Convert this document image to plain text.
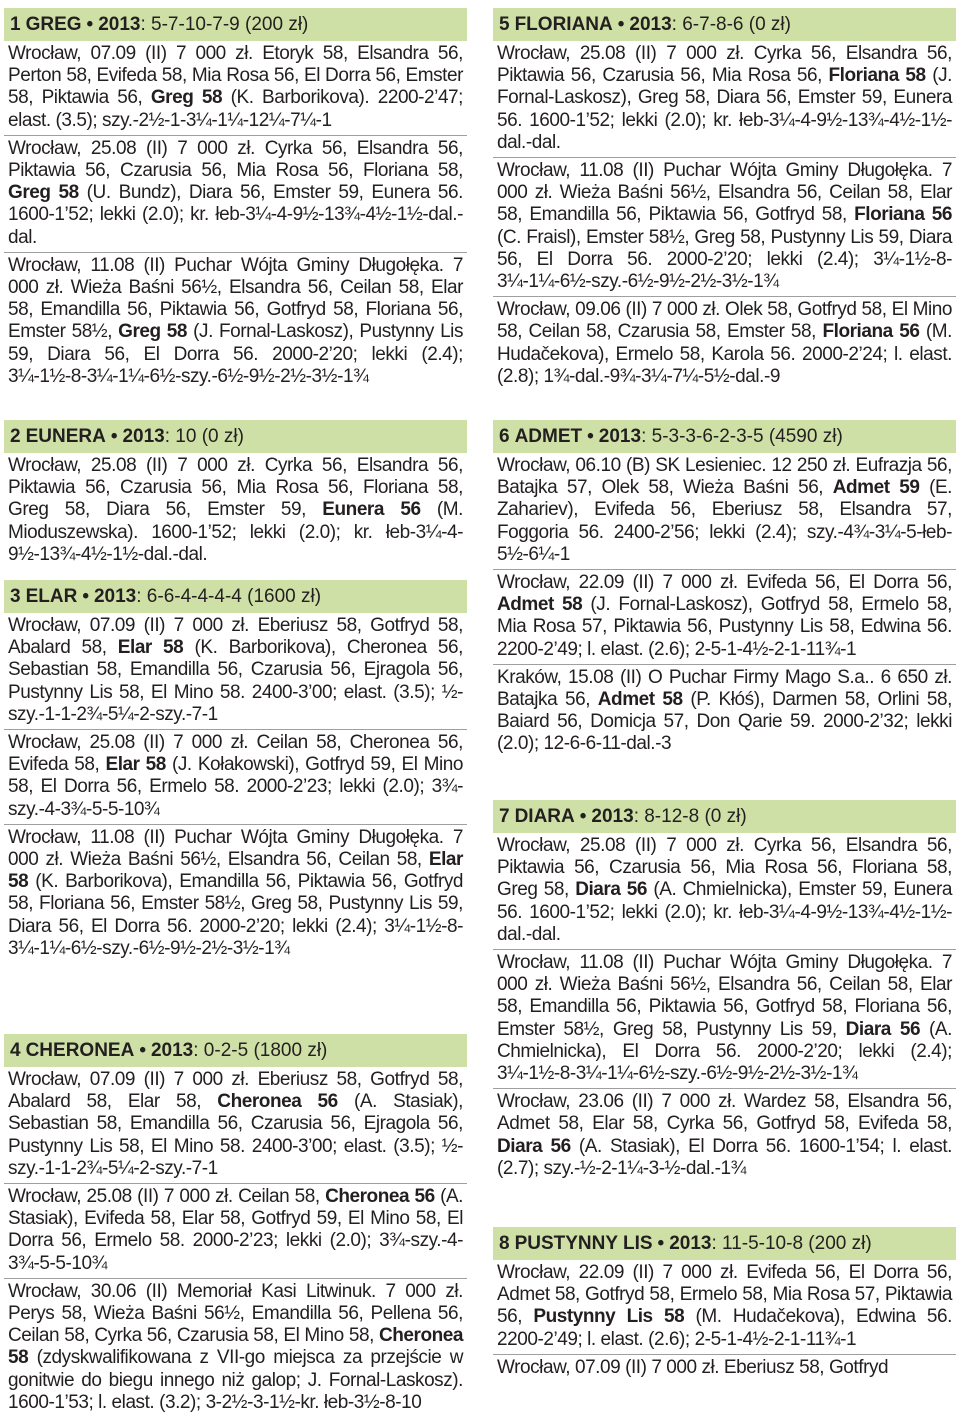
1 GREG • 2013 : 5-7-10-7-9 (200 zł)
Wrocław, 07.09 (II) 7 000 zł. Etoryk 58, Elsandra 56, Perton 58, Evifeda 58, Mia Rosa 56, El Dorra 56, Emster 58, Piktawia 56, Greg 58 (K. Barborikova). 2200-2’47; elast. (3.5); szy.-2½-1-3¼-1¼-12¼-7¼-1
Wrocław, 25.08 (II) 7 000 zł. Cyrka 56, Elsandra 56, Piktawia 56, Czarusia 56, Mia Rosa 56, Floriana 58, Greg 58 (U. Bundz), Diara 56, Emster 59, Eunera 56. 1600-1’52; lekki (2.0); kr. łeb-3¼-4-9½-13¾-4½-1½-dal.-dal.
Wrocław, 11.08 (II) Puchar Wójta Gminy Długołęka. 7 000 zł. Wieża Baśni 56½, Elsandra 56, Ceilan 58, Elar 58, Emandilla 56, Piktawia 56, Gotfryd 58, Floriana 56, Emster 58½, Greg 58 (J. Fornal-Laskosz), Pustynny Lis 59, Diara 56, El Dorra 56. 2000-2’20; lekki (2.4); 3¼-1½-8-3¼-1¼-6½-szy.-6½-9½-2½-3½-1¾
2 EUNERA • 2013 : 10 (0 zł)
Wrocław, 25.08 (II) 7 000 zł. Cyrka 56, Elsandra 56, Piktawia 56, Czarusia 56, Mia Rosa 56, Floriana 58, Greg 58, Diara 56, Emster 59, Eunera 56 (M. Mioduszewska). 1600-1’52; lekki (2.0); kr. łeb-3¼-4-9½-13¾-4½-1½-dal.-dal.
3 ELAR • 2013 : 6-6-4-4-4-4 (1600 zł)
Wrocław, 07.09 (II) 7 000 zł. Eberiusz 58, Gotfryd 58, Abalard 58, Elar 58 (K. Barborikova), Cheronea 56, Sebastian 58, Emandilla 56, Czarusia 56, Ejragola 56, Pustynny Lis 58, El Mino 58. 2400-3’00; elast. (3.5); ½-szy.-1-1-2¾-5¼-2-szy.-7-1
Wrocław, 25.08 (II) 7 000 zł. Ceilan 58, Cheronea 56, Evifeda 58, Elar 58 (J. Kołakowski), Gotfryd 59, El Mino 58, El Dorra 56, Ermelo 58. 2000-2’23; lekki (2.0); 3¾-szy.-4-3¾-5-5-10¾
Wrocław, 11.08 (II) Puchar Wójta Gminy Długołęka. 7 000 zł. Wieża Baśni 56½, Elsandra 56, Ceilan 58, Elar 58 (K. Barborikova), Emandilla 56, Piktawia 56, Gotfryd 58, Floriana 56, Emster 58½, Greg 58, Pustynny Lis 59, Diara 56, El Dorra 56. 2000-2’20; lekki (2.4); 3¼-1½-8-3¼-1¼-6½-szy.-6½-9½-2½-3½-1¾
4 CHERONEA • 2013 : 0-2-5 (1800 zł)
Wrocław, 07.09 (II) 7 000 zł. Eberiusz 58, Gotfryd 58, Abalard 58, Elar 58, Cheronea 56 (A. Stasiak), Sebastian 58, Emandilla 56, Czarusia 56, Ejragola 56, Pustynny Lis 58, El Mino 58. 2400-3’00; elast. (3.5); ½-szy.-1-1-2¾-5¼-2-szy.-7-1
Wrocław, 25.08 (II) 7 000 zł. Ceilan 58, Cheronea 56 (A. Stasiak), Evifeda 58, Elar 58, Gotfryd 59, El Mino 58, El Dorra 56, Ermelo 58. 2000-2’23; lekki (2.0); 3¾-szy.-4-3¾-5-5-10¾
Wrocław, 30.06 (II) Memoriał Kasi Litwinuk. 7 000 zł. Perys 58, Wieża Baśni 56½, Emandilla 56, Pellena 56, Ceilan 58, Cyrka 56, Czarusia 58, El Mino 58, Cheronea 58 (zdyskwalifikowana z VII-go miejsca za przejście w gonitwie do biegu innego niż galop; J. Fornal-Laskosz). 1600-1’53; l. elast. (3.2); 3-2½-3-1½-kr. łeb-3½-8-10
5 FLORIANA • 2013 : 6-7-8-6 (0 zł)
Wrocław, 25.08 (II) 7 000 zł. Cyrka 56, Elsandra 56, Piktawia 56, Czarusia 56, Mia Rosa 56, Floriana 58 (J. Fornal-Laskosz), Greg 58, Diara 56, Emster 59, Eunera 56. 1600-1’52; lekki (2.0); kr. łeb-3¼-4-9½-13¾-4½-1½-dal.-dal.
Wrocław, 11.08 (II) Puchar Wójta Gminy Długołęka. 7 000 zł. Wieża Baśni 56½, Elsandra 56, Ceilan 58, Elar 58, Emandilla 56, Piktawia 56, Gotfryd 58, Floriana 56 (C. Fraisl), Emster 58½, Greg 58, Pustynny Lis 59, Diara 56, El Dorra 56. 2000-2’20; lekki (2.4); 3¼-1½-8-3¼-1¼-6½-szy.-6½-9½-2½-3½-1¾
Wrocław, 09.06 (II) 7 000 zł. Olek 58, Gotfryd 58, El Mino 58, Ceilan 58, Czarusia 58, Emster 58, Floriana 56 (M. Hudačekova), Ermelo 58, Karola 56. 2000-2’24; l. elast. (2.8); 1¾-dal.-9¾-3¼-7¼-5½-dal.-9
6 ADMET • 2013 : 5-3-3-6-2-3-5 (4590 zł)
Wrocław, 06.10 (B) SK Lesieniec. 12 250 zł. Eufrazja 56, Batajka 57, Olek 58, Wieża Baśni 56, Admet 59 (E. Zahariev), Evifeda 56, Eberiusz 58, Elsandra 57, Foggoria 56. 2400-2’56; lekki (2.4); szy.-4¾-3¼-5-łeb-5½-6¼-1
Wrocław, 22.09 (II) 7 000 zł. Evifeda 56, El Dorra 56, Admet 58 (J. Fornal-Laskosz), Gotfryd 58, Ermelo 58, Mia Rosa 57, Piktawia 56, Pustynny Lis 58, Edwina 56. 2200-2’49; l. elast. (2.6); 2-5-1-4½-2-1-11¾-1
Kraków, 15.08 (II) O Puchar Firmy Mago S.a.. 6 650 zł. Batajka 56, Admet 58 (P. Kłóś), Darmen 58, Orlini 58, Baiard 56, Domicja 57, Don Qarie 59. 2000-2’32; lekki (2.0); 12-6-6-11-dal.-3
7 DIARA • 2013 : 8-12-8 (0 zł)
Wrocław, 25.08 (II) 7 000 zł. Cyrka 56, Elsandra 56, Piktawia 56, Czarusia 56, Mia Rosa 56, Floriana 58, Greg 58, Diara 56 (A. Chmielnicka), Emster 59, Eunera 56. 1600-1’52; lekki (2.0); kr. łeb-3¼-4-9½-13¾-4½-1½-dal.-dal.
Wrocław, 11.08 (II) Puchar Wójta Gminy Długołęka. 7 000 zł. Wieża Baśni 56½, Elsandra 56, Ceilan 58, Elar 58, Emandilla 56, Piktawia 56, Gotfryd 58, Floriana 56, Emster 58½, Greg 58, Pustynny Lis 59, Diara 56 (A. Chmielnicka), El Dorra 56. 2000-2’20; lekki (2.4); 3¼-1½-8-3¼-1¼-6½-szy.-6½-9½-2½-3½-1¾
Wrocław, 23.06 (II) 7 000 zł. Wardez 58, Elsandra 56, Admet 58, Elar 58, Cyrka 56, Gotfryd 58, Evifeda 58, Diara 56 (A. Stasiak), El Dorra 56. 1600-1’54; l. elast. (2.7); szy.-½-2-1¼-3-½-dal.-1¾
8 PUSTYNNY LIS • 2013 : 11-5-10-8 (200 zł)
Wrocław, 22.09 (II) 7 000 zł. Evifeda 56, El Dorra 56, Admet 58, Gotfryd 58, Ermelo 58, Mia Rosa 57, Piktawia 56, Pustynny Lis 58 (M. Hudačekova), Edwina 56. 2200-2’49; l. elast. (2.6); 2-5-1-4½-2-1-11¾-1
Wrocław, 07.09 (II) 7 000 zł. Eberiusz 58, Gotfryd
